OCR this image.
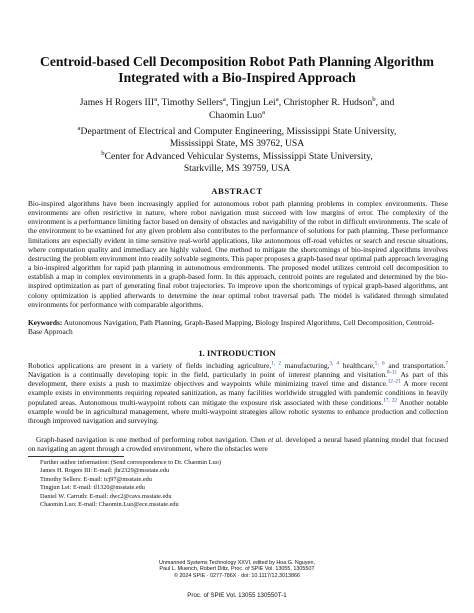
Centroid-based Cell Decomposition Robot Path Planning Algorithm Integrated with a Bio-Inspired Approach
James H Rogers III$^a$, Timothy Sellers$^a$, Tingjun Lei$^a$, Christopher R. Hudson$^b$, and
Chaomin Luo$^a$
$^a$Department of Electrical and Computer Engineering, Mississippi State University,
Mississippi State, MS 39762, USA
$^b$Center for Advanced Vehicular Systems, Mississippi State University,
Starkville, MS 39759, USA
ABSTRACT
Bio-inspired algorithms have been increasingly applied for autonomous robot path planning problems in complex environments. These environments are often restrictive in nature, where robot navigation must succeed with low margins of error. The complexity of the environment is a performance limiting factor based on density of obstacles and navigability of the robot in difficult environments. The scale of the environment to be examined for any given problem also contributes to the performance of solutions for path planning. These performance limitations are especially evident in time sensitive real-world applications, like autonomous off-road vehicles or search and rescue situations, where computation quality and immediacy are highly valued. One method to mitigate the shortcomings of bio-inspired algorithms involves destructing the problem environment into readily solvable segments. This paper proposes a graph-based near optimal path approach leveraging a bio-inspired algorithm for rapid path planning in autonomous environments. The proposed model utilizes centroid cell decomposition to establish a map in complex environments in a graph-based form. In this approach, centroid points are regulated and determined by the bio-inspired optimization as part of generating final robot trajectories. To improve upon the shortcomings of typical graph-based algorithms, ant colony optimization is applied afterwards to determine the near optimal robot traversal path. The model is validated through simulated environments for performance with comparable algorithms.
Keywords: Autonomous Navigation, Path Planning, Graph-Based Mapping, Biology Inspired Algorithms, Cell Decomposition, Centroid-Base Approach
1. INTRODUCTION
Robotics applications are present in a variety of fields including agriculture,$^{1, 2}$ manufacturing,$^{3, 4}$ healthcare,$^{5, 6}$ and transportation.$^7$ Navigation is a continually developing topic in the field, particularly in point of interest planning and visitation.$^{8-11}$ As part of this development, there exists a push to maximize objectives and waypoints while minimizing travel time and distance.$^{12-21}$ A more recent example exists in environments requiring repeated sanitization, as many facilities worldwide struggled with pandemic conditions in heavily populated areas. Autonomous multi-waypoint robots can mitigate the exposure risk associated with these conditions.$^{17, 22}$ Another notable example would be in agricultural management, where multi-waypoint strategies allow robotic systems to enhance production and collection through improved navigation and surveying.
Graph-based navigation is one method of performing robot navigation. Chen et al. developed a neural based planning model that focused on navigating an agent through a crowded environment, where the obstacles were
Further author information: (Send correspondence to Dr. Chaomin Luo)
James H. Rogers III: E-mail: jhr2329@msstate.edu
Timothy Sellers: E-mail: tcj97@msstate.edu
Tingjun Lei: E-mail: tl1320@msstate.edu
Daniel W. Carruth: E-mail: dwc2@cavs.msstate.edu
Chaomin Luo: E-mail: Chaomin.Luo@ece.msstate.edu
Unmanned Systems Technology XXVI, edited by Hoa G. Nguyen,
Paul L. Muench, Robert Diltz, Proc. of SPIE Vol. 13055, 130550T
© 2024 SPIE · 0277-786X · doi: 10.1117/12.3013866
Proc. of SPIE Vol. 13055 130550T-1
